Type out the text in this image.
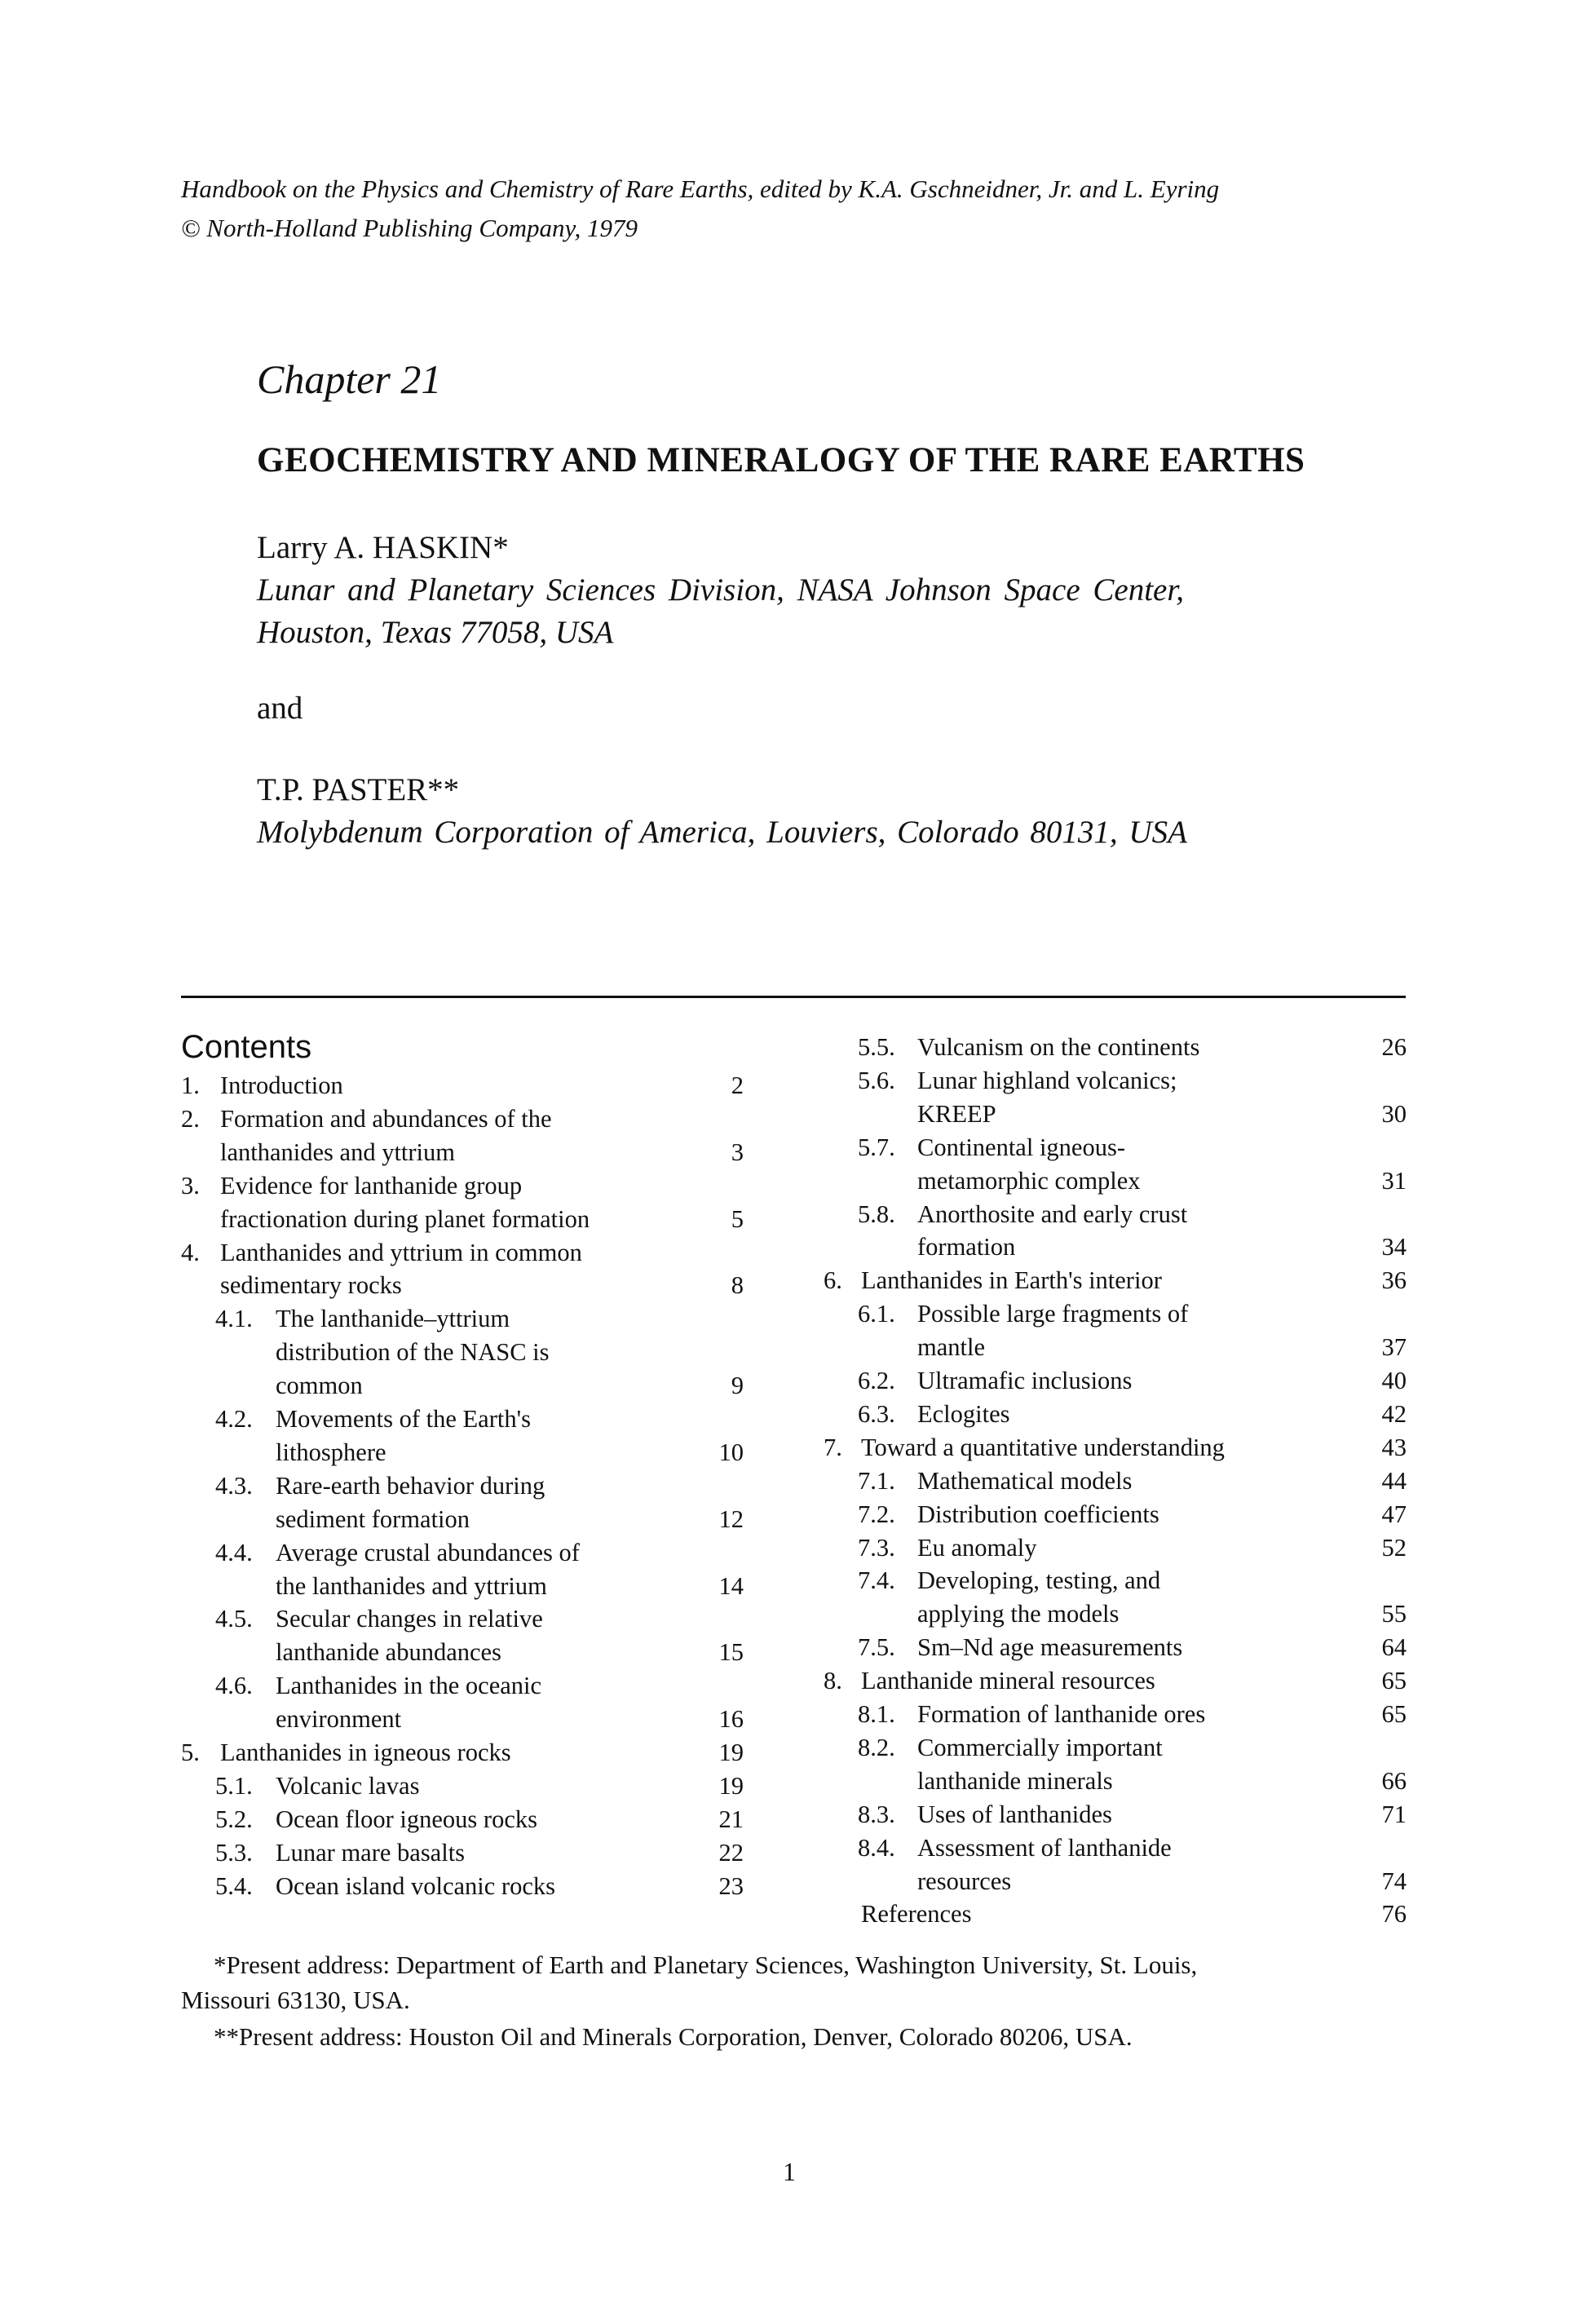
Handbook on the Physics and Chemistry of Rare Earths, edited by K.A. Gschneidner, Jr. and L. Eyring
© North-Holland Publishing Company, 1979
Chapter 21
GEOCHEMISTRY AND MINERALOGY OF THE RARE EARTHS
Larry A. HASKIN*
Lunar and Planetary Sciences Division, NASA Johnson Space Center,
Houston, Texas 77058, USA
and
T.P. PASTER**
Molybdenum Corporation of America, Louviers, Colorado 80131, USA
Contents
1. Introduction	2
2. Formation and abundances of the
lanthanides and yttrium	3
3. Evidence for lanthanide group
fractionation during planet formation	5
4. Lanthanides and yttrium in common
sedimentary rocks	8
4.1. The lanthanide–yttrium
distribution of the NASC is
common	9
4.2. Movements of the Earth's
lithosphere	10
4.3. Rare-earth behavior during
sediment formation	12
4.4. Average crustal abundances of
the lanthanides and yttrium	14
4.5. Secular changes in relative
lanthanide abundances	15
4.6. Lanthanides in the oceanic
environment	16
5. Lanthanides in igneous rocks	19
5.1. Volcanic lavas	19
5.2. Ocean floor igneous rocks	21
5.3. Lunar mare basalts	22
5.4. Ocean island volcanic rocks	23
5.5. Vulcanism on the continents	26
5.6. Lunar highland volcanics;
KREEP	30
5.7. Continental igneous-
metamorphic complex	31
5.8. Anorthosite and early crust
formation	34
6. Lanthanides in Earth's interior	36
6.1. Possible large fragments of
mantle	37
6.2. Ultramafic inclusions	40
6.3. Eclogites	42
7. Toward a quantitative understanding	43
7.1. Mathematical models	44
7.2. Distribution coefficients	47
7.3. Eu anomaly	52
7.4. Developing, testing, and
applying the models	55
7.5. Sm–Nd age measurements	64
8. Lanthanide mineral resources	65
8.1. Formation of lanthanide ores	65
8.2. Commercially important
lanthanide minerals	66
8.3. Uses of lanthanides	71
8.4. Assessment of lanthanide
resources	74
References	76
*Present address: Department of Earth and Planetary Sciences, Washington University, St. Louis,
Missouri 63130, USA.
**Present address: Houston Oil and Minerals Corporation, Denver, Colorado 80206, USA.
1
